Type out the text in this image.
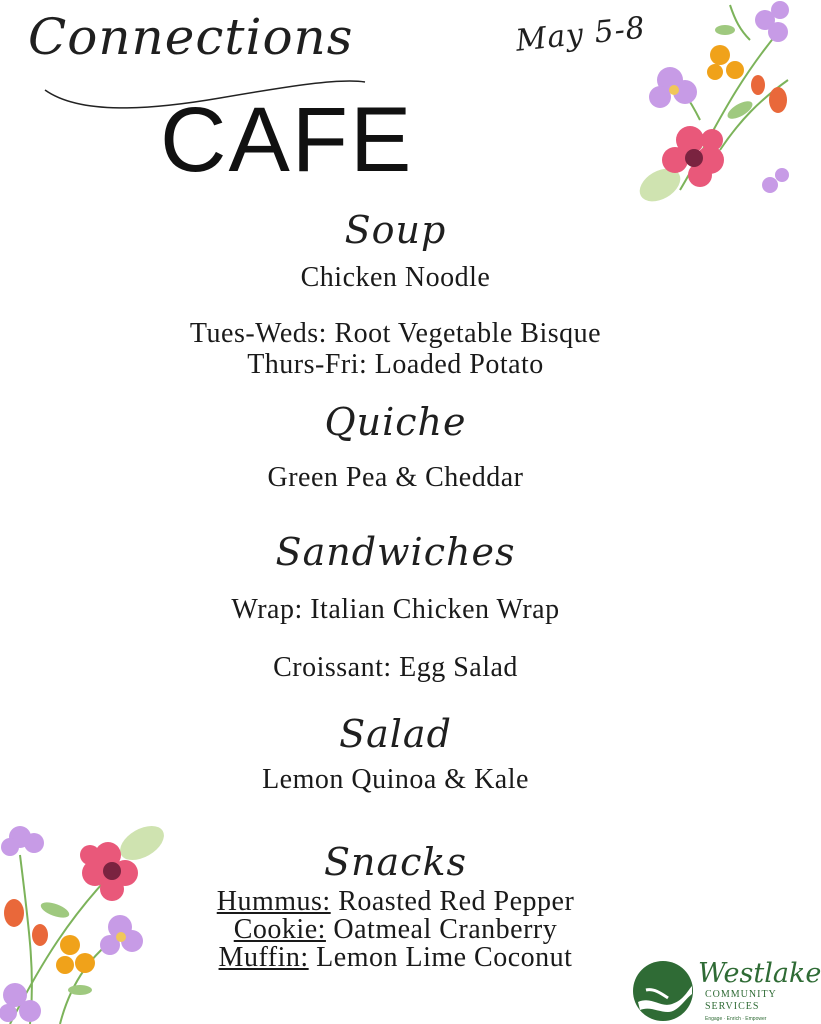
Connections
CAFE
May 5-8
Soup
Chicken Noodle
Tues-Weds: Root Vegetable Bisque
Thurs-Fri: Loaded Potato
Quiche
Green Pea & Cheddar
Sandwiches
Wrap: Italian Chicken Wrap
Croissant: Egg Salad
Salad
Lemon Quinoa & Kale
Snacks
Hummus: Roasted Red Pepper
Cookie: Oatmeal Cranberry
Muffin: Lemon Lime Coconut
Westlake
COMMUNITY
SERVICES
Engage · Enrich · Empower
